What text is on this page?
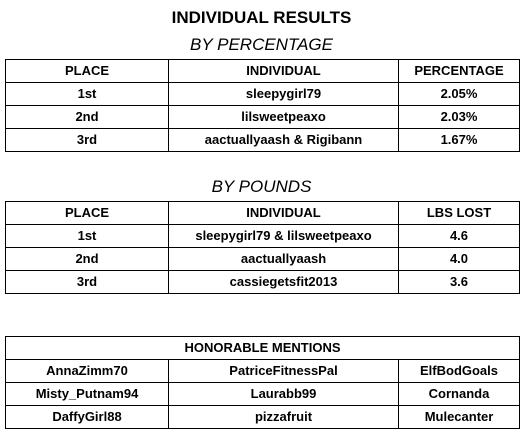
INDIVIDUAL RESULTS
BY PERCENTAGE
PLACE	INDIVIDUAL	PERCENTAGE
1st	sleepygirl79	2.05%
2nd	lilsweetpeaxo	2.03%
3rd	aactuallyaash & Rigibann	1.67%
BY POUNDS
PLACE	INDIVIDUAL	LBS LOST
1st	sleepygirl79 & lilsweetpeaxo	4.6
2nd	aactuallyaash	4.0
3rd	cassiegetsfit2013	3.6
HONORABLE MENTIONS		
AnnaZimm70	PatriceFitnessPal	ElfBodGoals
Misty_Putnam94	Laurabb99	Cornanda
DaffyGirl88	pizzafruit	Mulecanter
